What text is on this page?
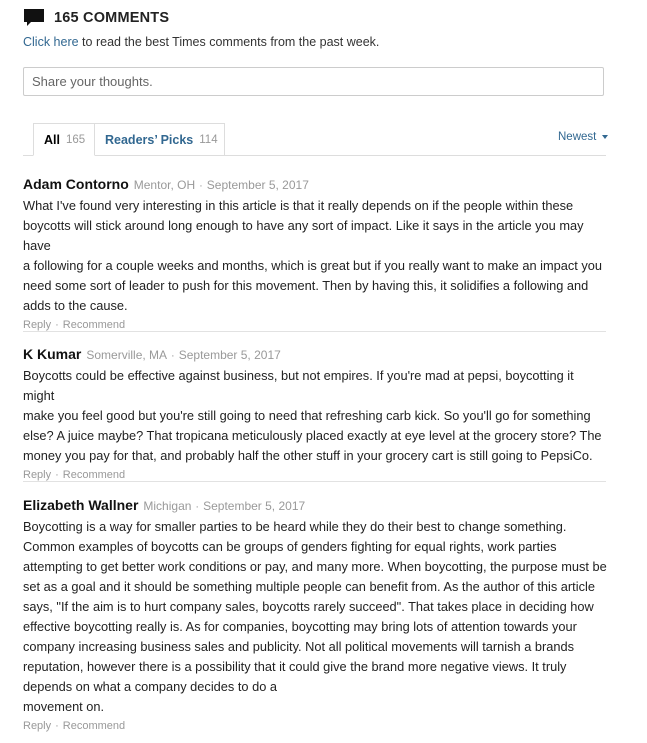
165 COMMENTS
Click here to read the best Times comments from the past week.
Share your thoughts.
All 165 Readers’ Picks 114	Newest
Adam Contorno Mentor, OH · September 5, 2017
What I've found very interesting in this article is that it really depends on if the people within these
boycotts will stick around long enough to have any sort of impact. Like it says in the article you may have
a following for a couple weeks and months, which is great but if you really want to make an impact you
need some sort of leader to push for this movement. Then by having this, it solidifies a following and
adds to the cause.
Reply · Recommend
K Kumar Somerville, MA · September 5, 2017
Boycotts could be effective against business, but not empires. If you're mad at pepsi, boycotting it might
make you feel good but you're still going to need that refreshing carb kick. So you'll go for something
else? A juice maybe? That tropicana meticulously placed exactly at eye level at the grocery store? The
money you pay for that, and probably half the other stuff in your grocery cart is still going to PepsiCo.
Reply · Recommend
Elizabeth Wallner Michigan · September 5, 2017
Boycotting is a way for smaller parties to be heard while they do their best to change something.
Common examples of boycotts can be groups of genders fighting for equal rights, work parties
attempting to get better work conditions or pay, and many more. When boycotting, the purpose must be
set as a goal and it should be something multiple people can benefit from. As the author of this article
says, "If the aim is to hurt company sales, boycotts rarely succeed". That takes place in deciding how
effective boycotting really is. As for companies, boycotting may bring lots of attention towards your
company increasing business sales and publicity. Not all political movements will tarnish a brands
reputation, however there is a possibility that it could give the brand more negative views. It truly
depends on what a company decides to do a
movement on.
Reply · Recommend
